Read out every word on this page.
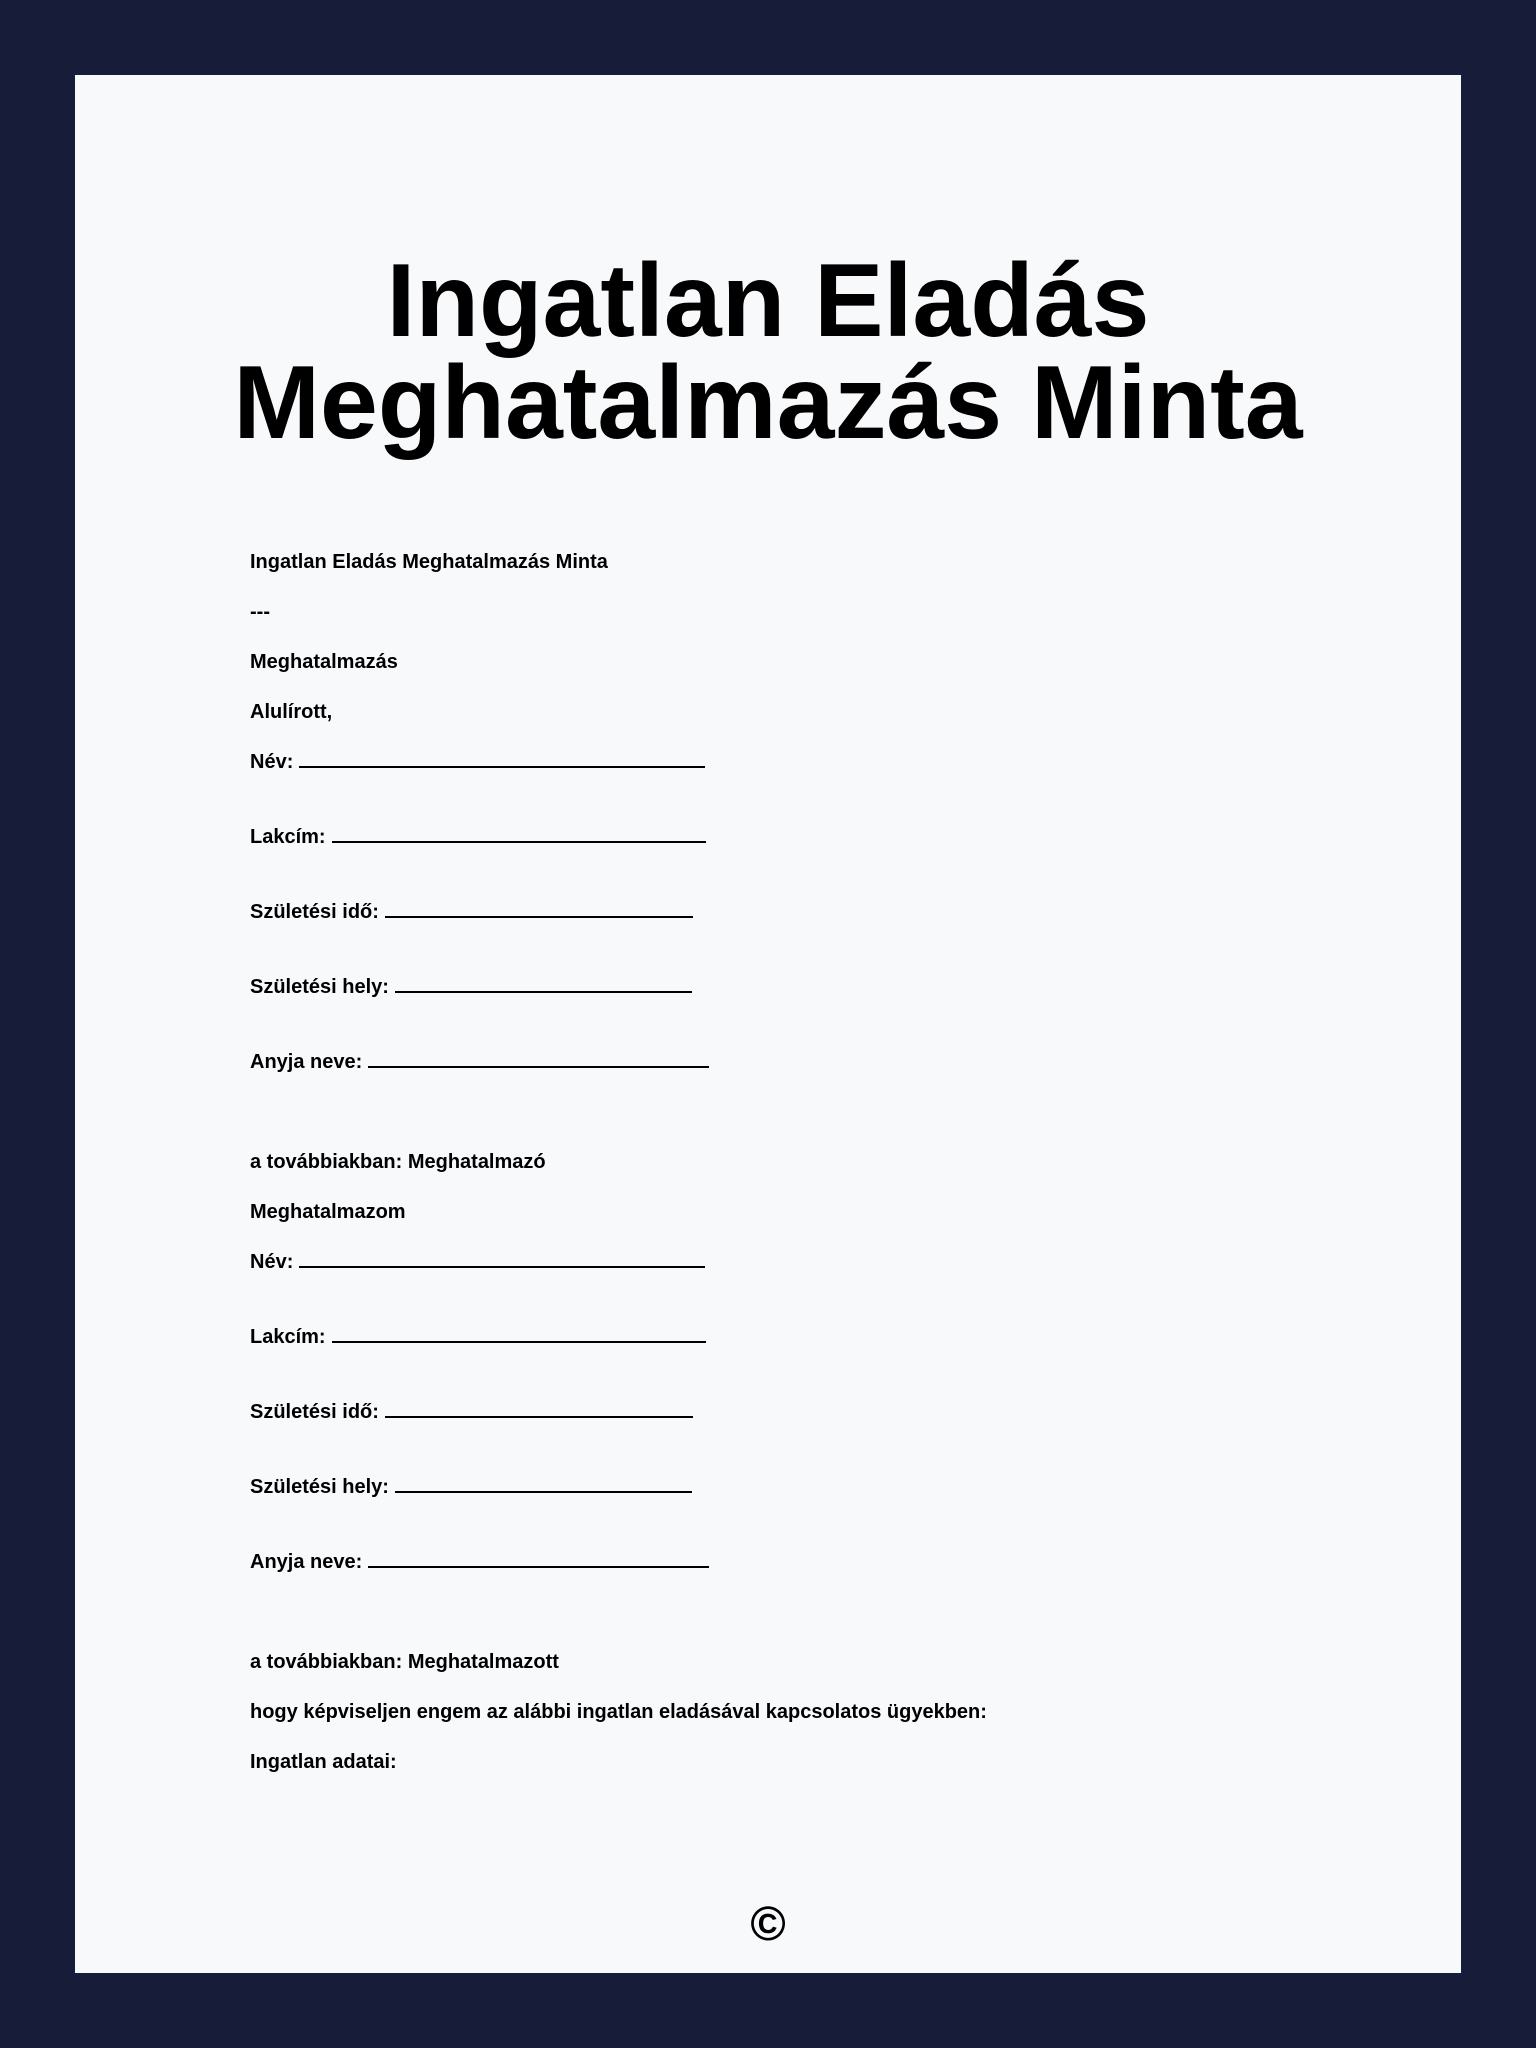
Ingatlan Eladás
Meghatalmazás Minta
Ingatlan Eladás Meghatalmazás Minta
---
Meghatalmazás
Alulírott,
Név:
Lakcím:
Születési idő:
Születési hely:
Anyja neve:
a továbbiakban: Meghatalmazó
Meghatalmazom
Név:
Lakcím:
Születési idő:
Születési hely:
Anyja neve:
a továbbiakban: Meghatalmazott
hogy képviseljen engem az alábbi ingatlan eladásával kapcsolatos ügyekben:
Ingatlan adatai:
©
